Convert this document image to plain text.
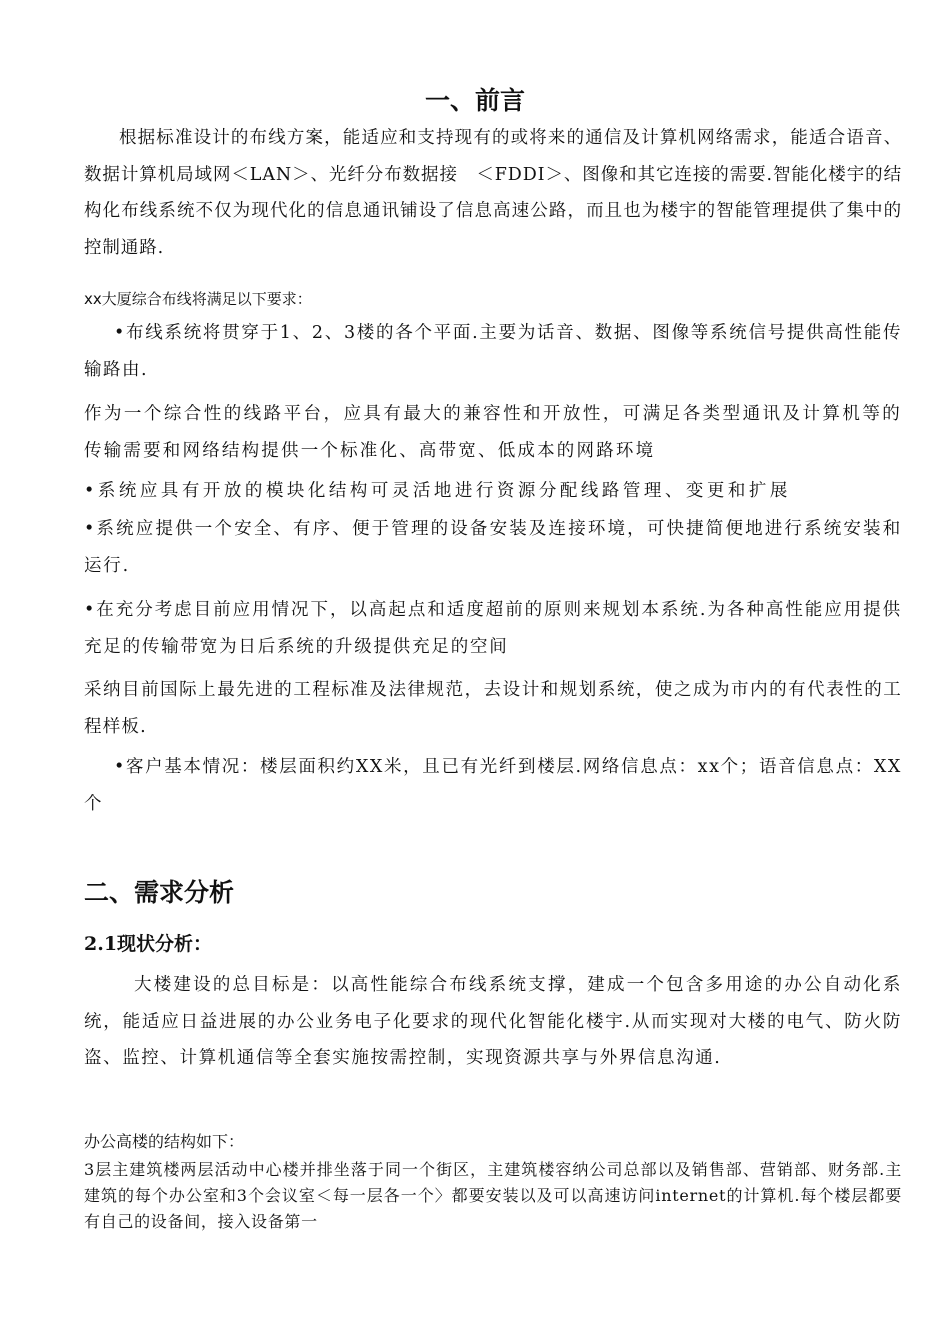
一、前言

根据标准设计的布线方案，能适应和支持现有的或将来的通信及计算机网络需求，能适合语音、数据计算机局域网＜LAN＞、光纤分布数据接　＜FDDI＞、图像和其它连接的需要.智能化楼宇的结构化布线系统不仅为现代化的信息通讯铺设了信息高速公路，而且也为楼宇的智能管理提供了集中的控制通路.

xx大厦综合布线将满足以下要求：

•布线系统将贯穿于1、2、3楼的各个平面.主要为话音、数据、图像等系统信号提供高性能传输路由.

作为一个综合性的线路平台，应具有最大的兼容性和开放性，可满足各类型通讯及计算机等的传输需要和网络结构提供一个标准化、高带宽、低成本的网路环境

•系统应具有开放的模块化结构可灵活地进行资源分配线路管理、变更和扩展

•系统应提供一个安全、有序、便于管理的设备安装及连接环境，可快捷简便地进行系统安装和运行.

•在充分考虑目前应用情况下，以高起点和适度超前的原则来规划本系统.为各种高性能应用提供充足的传输带宽为日后系统的升级提供充足的空间

采纳目前国际上最先进的工程标准及法律规范，去设计和规划系统，使之成为市内的有代表性的工程样板.

•客户基本情况：楼层面积约XX米，且已有光纤到楼层.网络信息点：xx个；语音信息点：XX个

二、需求分析
2.1现状分析：

大楼建设的总目标是：以高性能综合布线系统支撑，建成一个包含多用途的办公自动化系统，能适应日益进展的办公业务电子化要求的现代化智能化楼宇.从而实现对大楼的电气、防火防盗、监控、计算机通信等全套实施按需控制，实现资源共享与外界信息沟通.

办公高楼的结构如下：

3层主建筑楼两层活动中心楼并排坐落于同一个街区，主建筑楼容纳公司总部以及销售部、营销部、财务部.主建筑的每个办公室和3个会议室＜每一层各一个〉都要安装以及可以高速访问internet的计算机.每个楼层都要有自己的设备间，接入设备第一
